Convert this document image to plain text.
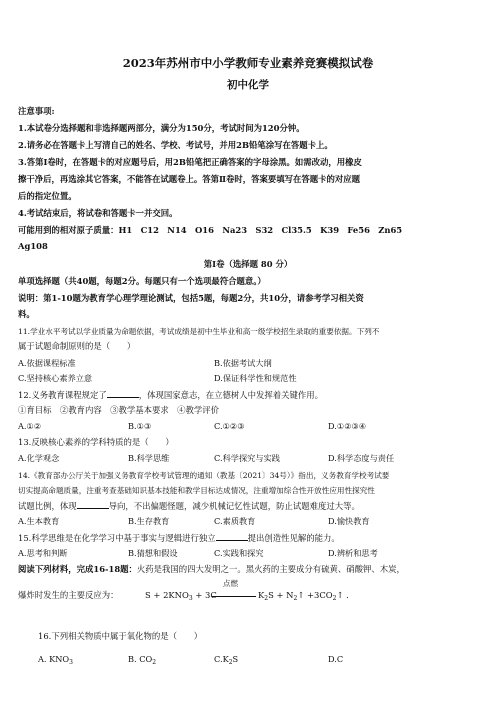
2023年苏州市中小学教师专业素养竞赛模拟试卷
初中化学
注意事项:
1.本试卷分选择题和非选择题两部分，满分为150分，考试时间为120分钟。
2.请务必在答题卡上写清自己的姓名、学校、考试号，并用2B铅笔涂写在答题卡上。
3.答第Ⅰ卷时，在答题卡的对应题号后，用2B铅笔把正确答案的字母涂黑。如需改动，用橡皮
擦干净后，再选涂其它答案，不能答在试题卷上。答第Ⅱ卷时，答案要填写在答题卡的对应题
后的指定位置。
4.考试结束后，将试卷和答题卡一并交回。
可能用到的相对原子质量：H1　C12　N14　O16　Na23　S32　Cl35.5　K39　Fe56　Zn65
Ag108
第Ⅰ卷（选择题 80 分）
单项选择题（共40题，每题2分。每题只有一个选项最符合题意。）
说明：第1-10题为教育学心理学理论测试，包括5题，每题2分，共10分，请参考学习相关资
料。
11.学业水平考试以学业质量为命题依据，考试成绩是初中生毕业和高一级学校招生录取的重要依据。下列不
属于试题命制原则的是（　　）
A.依据课程标准	B.依据考试大纲
C.坚持核心素养立意	D.保证科学性和规范性
12.义务教育课程规定了	，体现国家意志，在立德树人中发挥着关键作用。
①育目标　②教育内容　③教学基本要求　④教学评价
A.①②	B.①③	C.①②③	D.①②③④
13.反映核心素养的学科特质的是（　　）
A.化学观念	B.科学思维	C.科学探究与实践	D.科学态度与责任
14.《教育部办公厅关于加强义务教育学校考试管理的通知（教基〔2021〕34号）》指出，义务教育学校考试要
切实提高命题质量，注重考查基础知识基本技能和教学目标达成情况，注重增加综合性开放性应用性探究性
试题比例，体现	导向，不出偏题怪题，减少机械记忆性试题，防止试题难度过大等。
A.生本教育	B.生存教育	C.素质教育	D.愉快教育
15.科学思维是在化学学习中基于事实与逻辑进行独立	提出创造性见解的能力。
A.思考和判断	B.猜想和假设	C.实践和探究	D.辨析和思考
阅读下列材料，完成16-18题：火药是我国的四大发明之一。黑火药的主要成分有硫黄、硝酸钾、木炭，
爆炸时发生的主要反应为：	$S + 2KNO_3 + 3C$
点燃
$K_2S$ + $N_2↑$ $+3CO_2↑$ .
16.下列相关物质中属于氧化物的是（　　）
A. $KNO_3$	B. $CO_2$	$C.K_2S$	D.C
